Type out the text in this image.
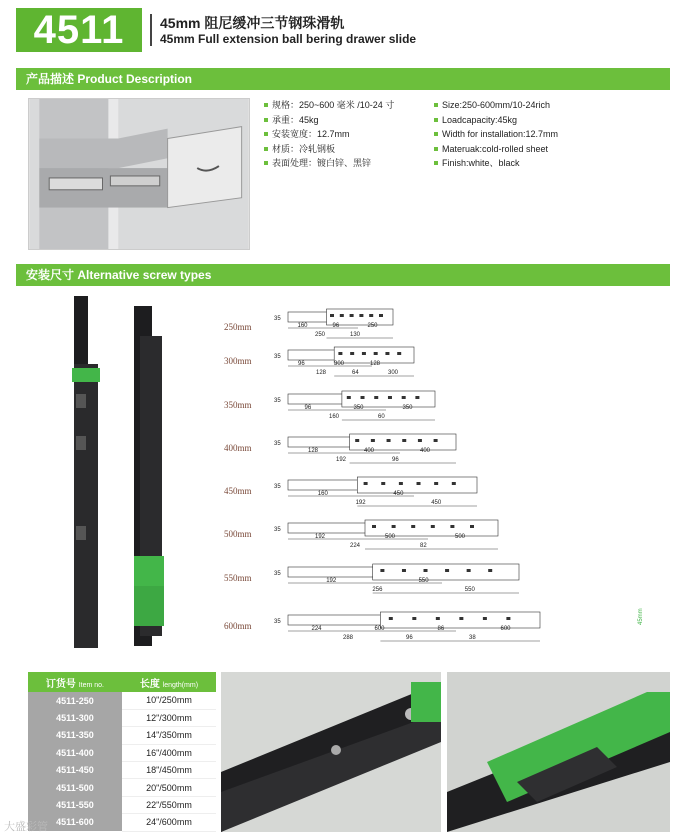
4511	45mm 阻尼缓冲三节钢珠滑轨
45mm Full extension ball bering drawer slide
产品描述 Product Description
规格：250~600 毫米 /10-24 寸
承重：45kg
安装宽度：12.7mm
材质：冷轧钢板
表面处理：镀白锌、黑锌
Size:250-600mm/10-24rich
Loadcapacity:45kg
Width for installation:12.7mm
Materuak:cold-rolled sheet
Finish:white、black
安装尺寸 Alternative screw types
250mm
300mm
350mm
400mm
450mm
500mm
550mm
600mm
35
160
250
96
130
250
35
96
128
300
64
128
300
35
96
160
350
60
350
35
128
192
400
96
400
35
160
192
450
450
35
192
224
500
82
500
35
192
256
550
550
35
224
288
600
96
86
38
600
45mm
订货号 Item no.	长度 length(mm)
4511-250	10"/250mm
4511-300	12"/300mm
4511-350	14"/350mm
4511-400	16"/400mm
4511-450	18"/450mm
4511-500	20"/500mm
4511-550	22"/550mm
4511-600	24"/600mm
大盛彩管
